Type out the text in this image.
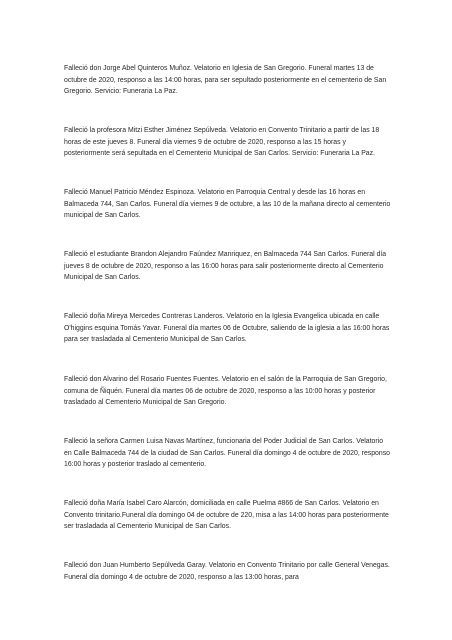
Falleció don Jorge Abel Quinteros Muñoz. Velatorio en Iglesia de San Gregorio. Funeral martes 13 de octubre de 2020, responso a las 14:00 horas, para ser sepultado posteriormente en el cementerio de San Gregorio. Servicio: Funeraria La Paz.

Falleció la profesora Mitzi Esther Jiménez Sepúlveda. Velatorio en Convento Trinitario a partir de las 18 horas de este jueves 8. Funeral día viernes 9 de octubre de 2020, responso a las 15 horas y posteriormente será sepultada en el Cementerio Municipal de San Carlos. Servicio: Funeraria La Paz.

Falleció Manuel Patricio Méndez Espinoza. Velatorio en Parroquia Central y desde las 16 horas en Balmaceda 744, San Carlos. Funeral día viernes 9 de octubre, a las 10 de la mañana directo al cementerio municipal de San Carlos.

Falleció el estudiante Brandon Alejandro Faúndez Manriquez, en Balmaceda 744 San Carlos. Funeral día jueves 8 de octubre de 2020, responso a las 16:00 horas para salir posteriormente directo al Cementerio Municipal de San Carlos.

Falleció doña Mireya Mercedes Contreras Landeros. Velatorio en la Iglesia Evangelica ubicada en calle O'higgins esquina Tomás Yavar. Funeral día martes 06 de Octubre, saliendo de la iglesia a las 16:00 horas para ser trasladada al Cementerio Municipal de San Carlos.

Falleció don Alvarino del Rosario Fuentes Fuentes. Velatorio en el salón de la Parroquia de San Gregorio, comuna de Ñiquén. Funeral día martes 06 de octubre de 2020, responso a las 10:00 horas y posterior trasladado al Cementerio Municipal de San Gregorio.

Falleció la señora Carmen Luisa Navas Martínez, funcionaria del Poder Judicial de San Carlos. Velatorio en Calle Balmaceda 744 de la ciudad de San Carlos. Funeral día domingo 4 de octubre de 2020, responso 16:00 horas y posterior traslado al cementerio.

Falleció doña María Isabel Caro Alarcón, domiciliada en calle Puelma #866 de San Carlos. Velatorio en Convento trinitario.Funeral día domingo 04 de octubre de 220, misa a las 14:00 horas para posteriormente ser trasladada al Cementerio Municipal de San Carlos.

Falleció don Juan Humberto Sepúlveda Garay. Velatorio en Convento Trinitario por calle General Venegas. Funeral día domingo 4 de octubre de 2020, responso a las 13:00 horas, para
